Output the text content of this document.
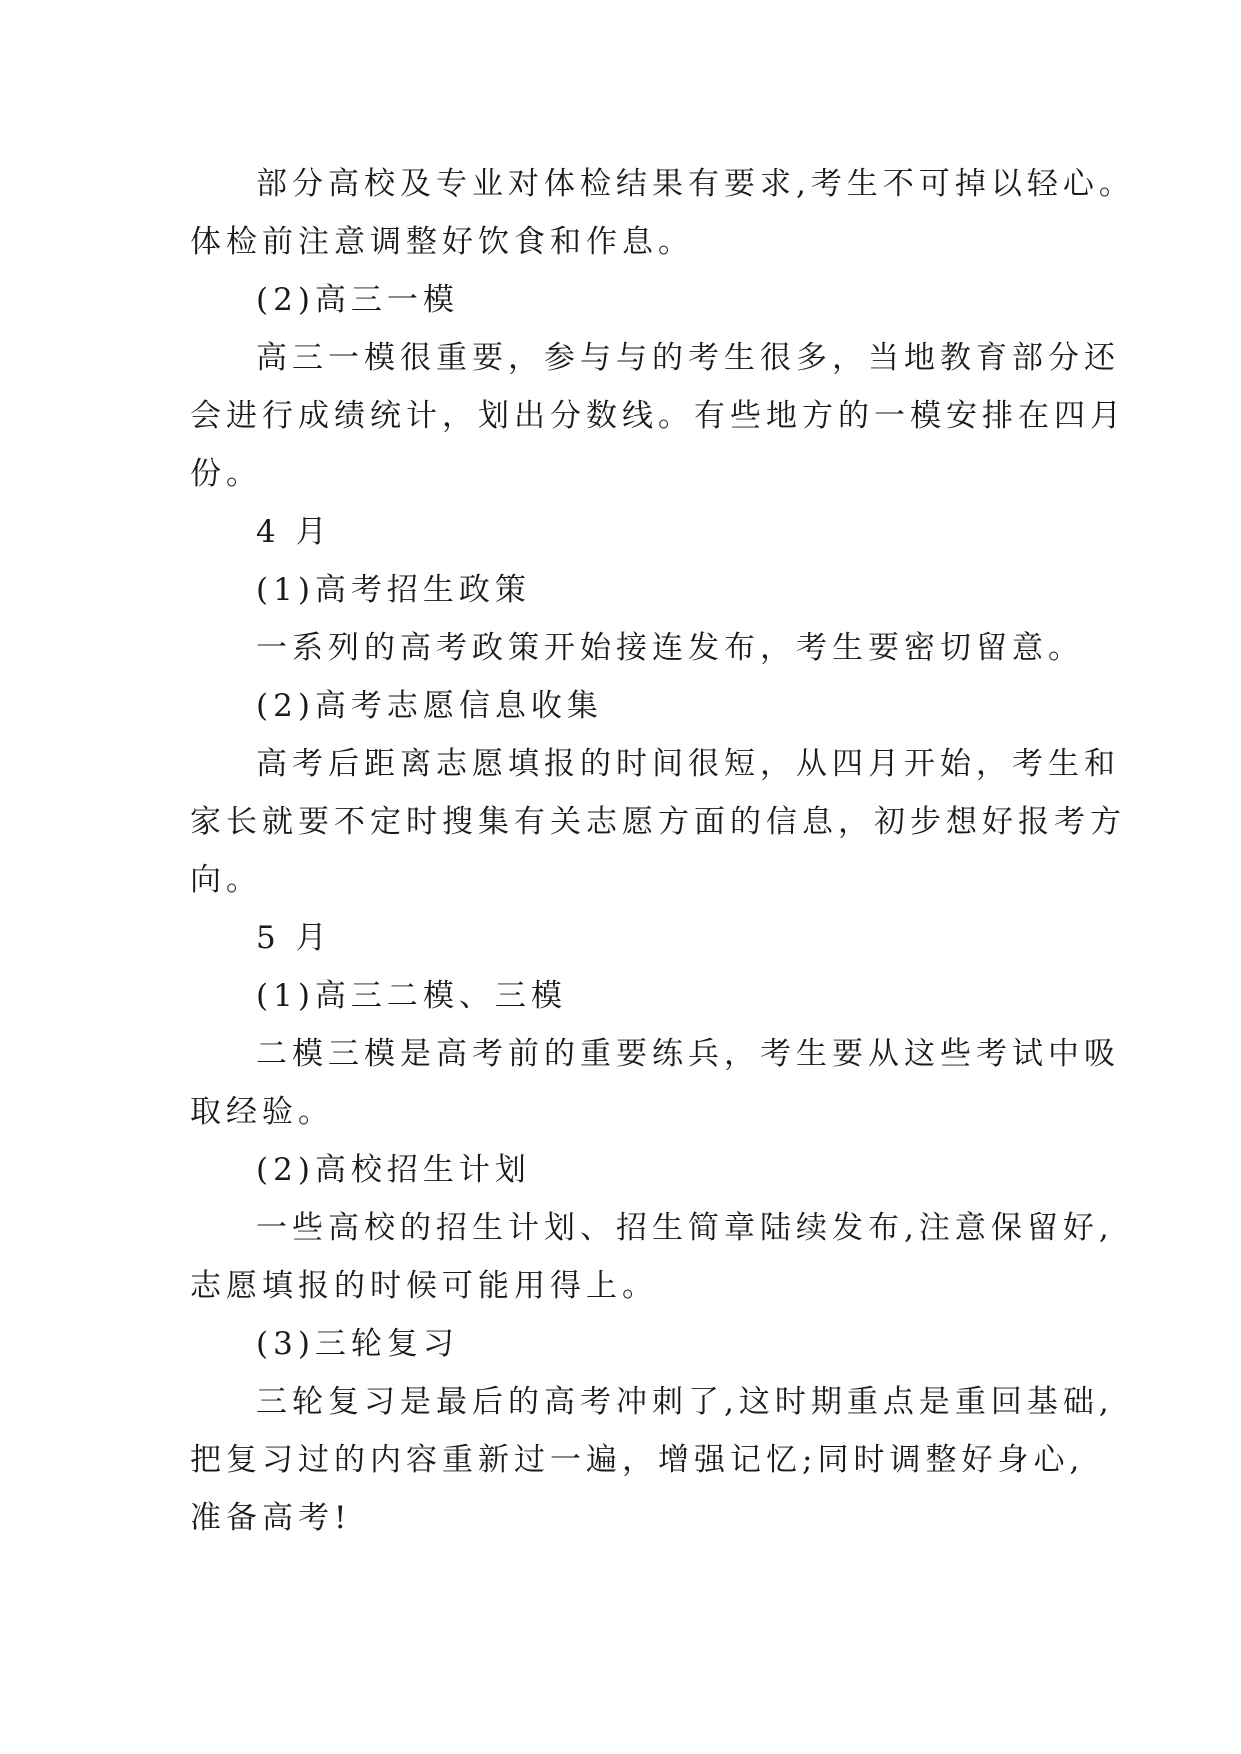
部分高校及专业对体检结果有要求,考生不可掉以轻心。
体检前注意调整好饮食和作息。
(2)高三一模
高三一模很重要，参与与的考生很多，当地教育部分还
会进行成绩统计，划出分数线。有些地方的一模安排在四月
份。
4 月
(1)高考招生政策
一系列的高考政策开始接连发布，考生要密切留意。
(2)高考志愿信息收集
高考后距离志愿填报的时间很短，从四月开始，考生和
家长就要不定时搜集有关志愿方面的信息，初步想好报考方
向。
5 月
(1)高三二模、三模
二模三模是高考前的重要练兵，考生要从这些考试中吸
取经验。
(2)高校招生计划
一些高校的招生计划、招生简章陆续发布,注意保留好,
志愿填报的时候可能用得上。
(3)三轮复习
三轮复习是最后的高考冲刺了,这时期重点是重回基础,
把复习过的内容重新过一遍，增强记忆;同时调整好身心,
准备高考!
